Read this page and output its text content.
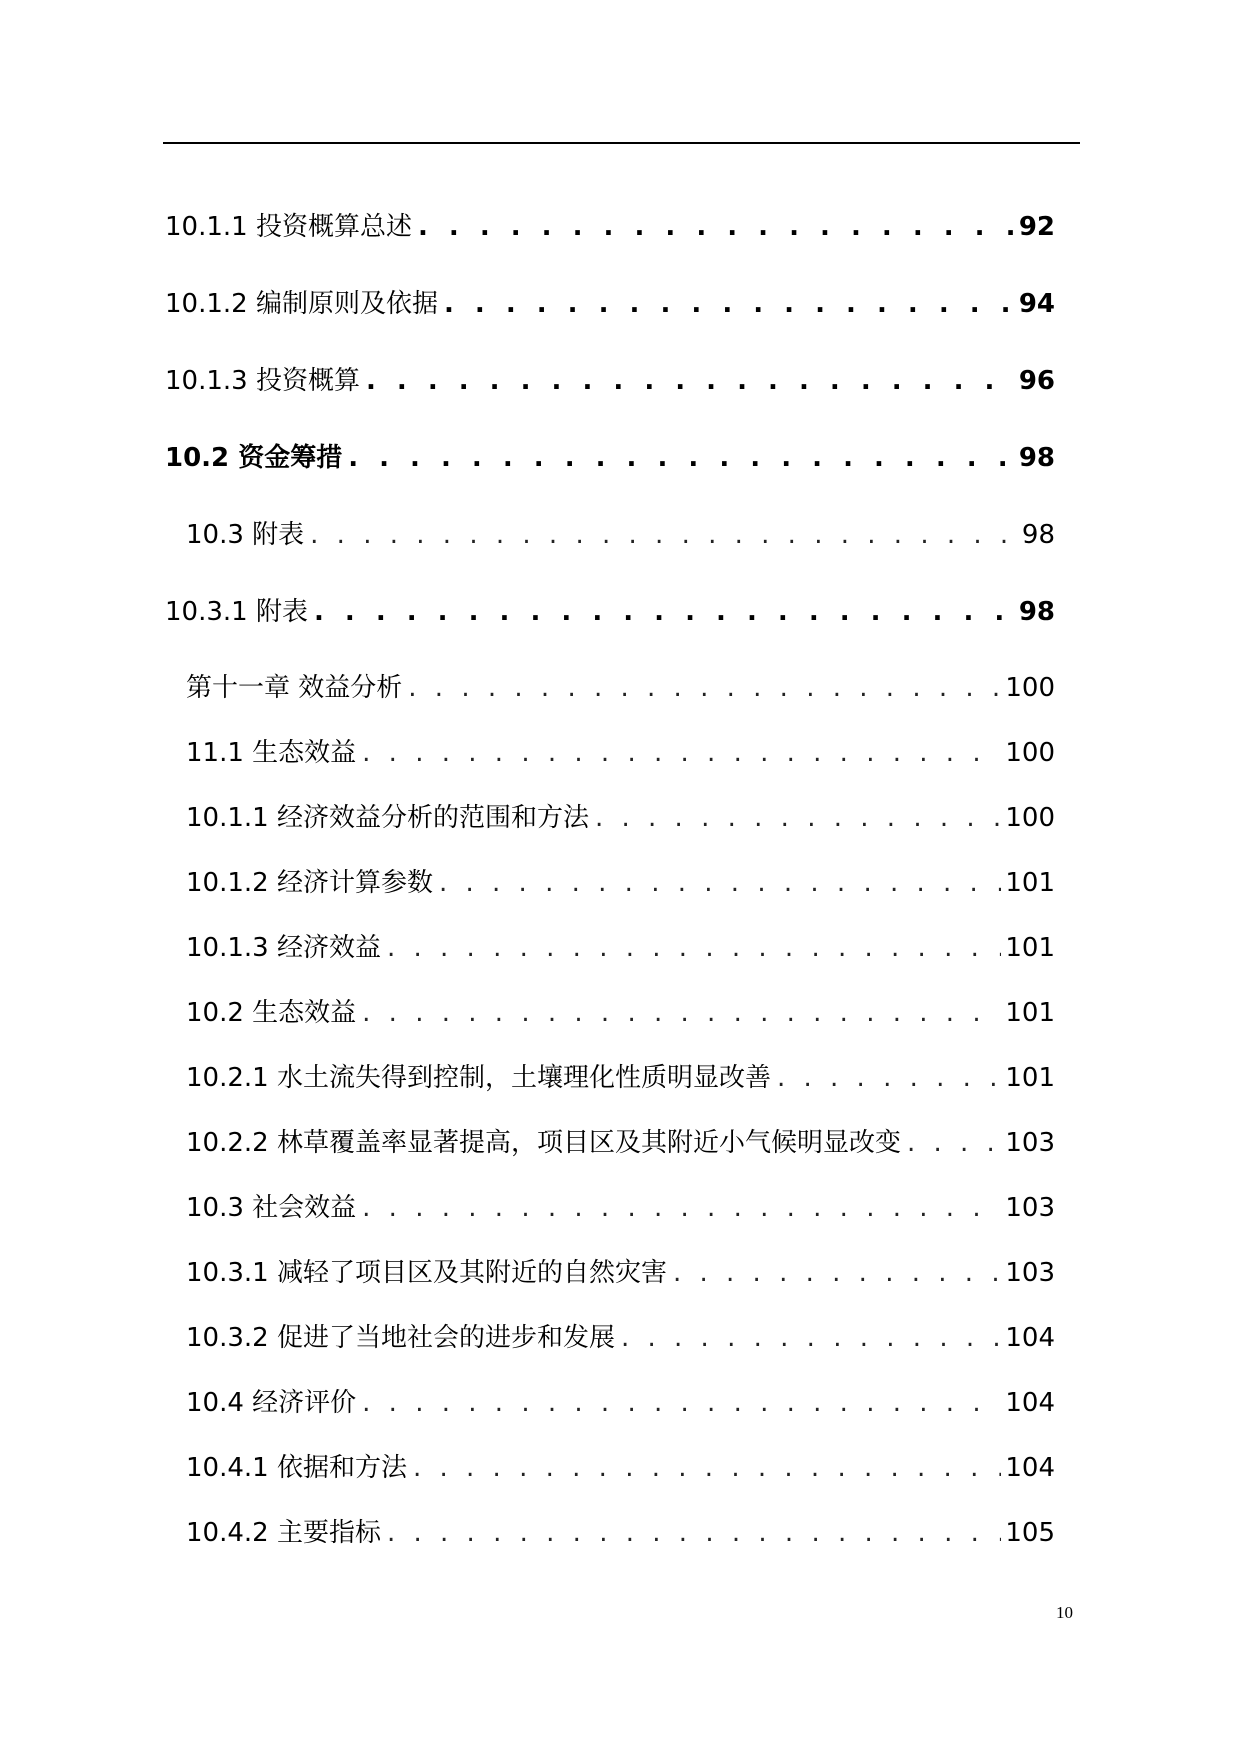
10.1.1 投资概算总述 . . .	92
10.1.2 编制原则及依据 . . .	94
10.1.3 投资概算 . . .	96
10.2 资金筹措 . . .	98
10.3 附表 . . .	98
10.3.1 附表 . . .	98
第十一章 效益分析 . . .	100
11.1 生态效益 . . .	100
10.1.1 经济效益分析的范围和方法 . . .	100
10.1.2 经济计算参数 . . .	101
10.1.3 经济效益 . . .	101
10.2 生态效益 . . .	101
10.2.1 水土流失得到控制，土壤理化性质明显改善 . . .	101
10.2.2 林草覆盖率显著提高，项目区及其附近小气候明显改变 . . .	103
10.3 社会效益 . . .	103
10.3.1 减轻了项目区及其附近的自然灾害 . . .	103
10.3.2 促进了当地社会的进步和发展 . . .	104
10.4 经济评价 . . .	104
10.4.1 依据和方法 . . .	104
10.4.2 主要指标 . . .	105
10
